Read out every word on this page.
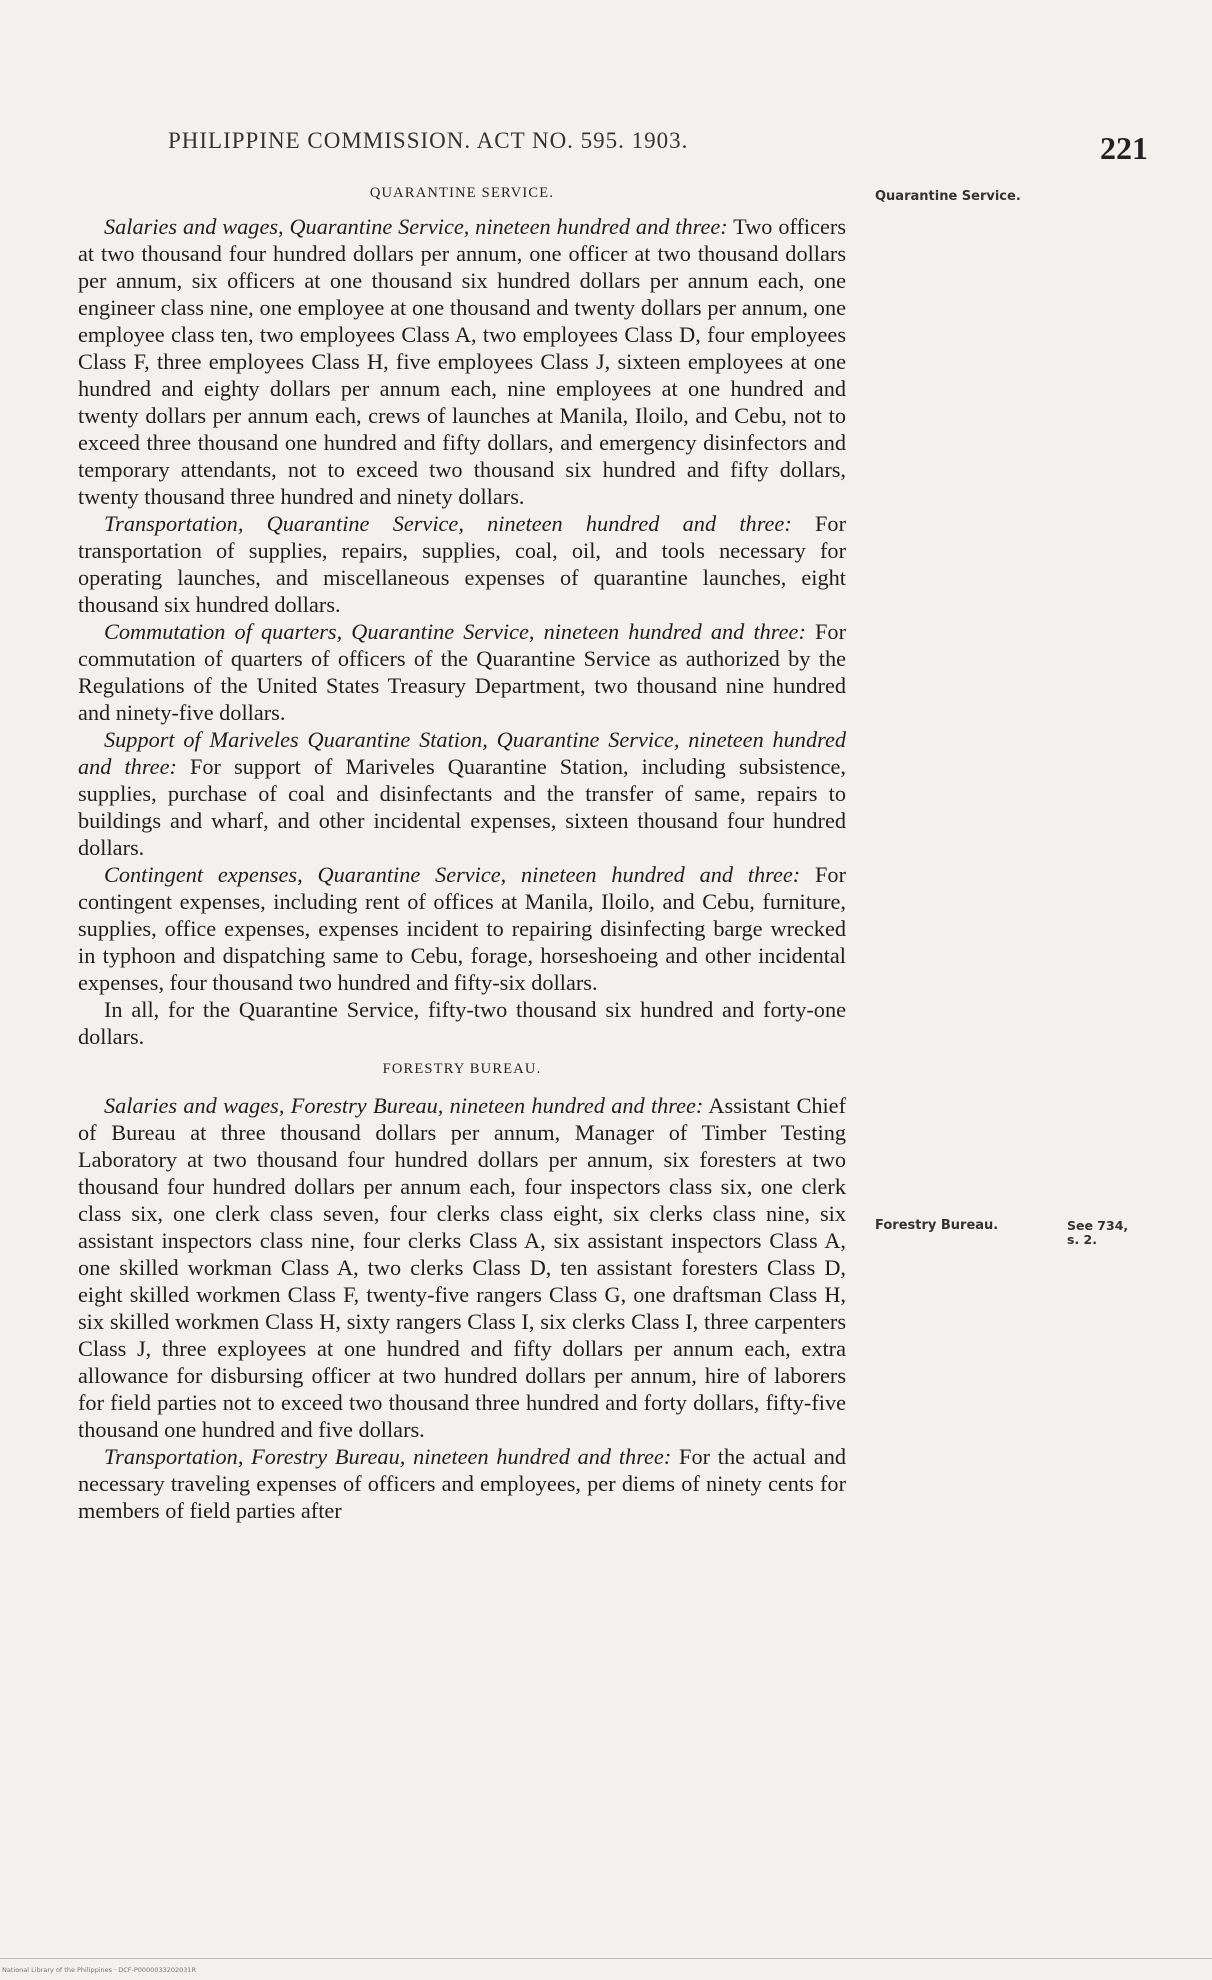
PHILIPPINE COMMISSION. ACT NO. 595. 1903.	221
Quarantine Service.
Forestry Bureau.	See 734,
s. 2.
QUARANTINE SERVICE.

Salaries and wages, Quarantine Service, nineteen hundred and three: Two officers at two thousand four hundred dollars per annum, one officer at two thousand dollars per annum, six officers at one thousand six hundred dollars per annum each, one engineer class nine, one employee at one thousand and twenty dollars per annum, one employee class ten, two employees Class A, two employees Class D, four employees Class F, three employees Class H, five employees Class J, sixteen employees at one hundred and eighty dollars per annum each, nine employees at one hundred and twenty dollars per annum each, crews of launches at Manila, Iloilo, and Cebu, not to exceed three thousand one hundred and fifty dollars, and emergency disinfectors and temporary attendants, not to exceed two thousand six hundred and fifty dollars, twenty thousand three hundred and ninety dollars.

Transportation, Quarantine Service, nineteen hundred and three: For transportation of supplies, repairs, supplies, coal, oil, and tools necessary for operating launches, and miscellaneous expenses of quarantine launches, eight thousand six hundred dollars.

Commutation of quarters, Quarantine Service, nineteen hundred and three: For commutation of quarters of officers of the Quarantine Service as authorized by the Regulations of the United States Treasury Department, two thousand nine hundred and ninety-five dollars.

Support of Mariveles Quarantine Station, Quarantine Service, nineteen hundred and three: For support of Mariveles Quarantine Station, including subsistence, supplies, purchase of coal and disinfectants and the transfer of same, repairs to buildings and wharf, and other incidental expenses, sixteen thousand four hundred dollars.

Contingent expenses, Quarantine Service, nineteen hundred and three: For contingent expenses, including rent of offices at Manila, Iloilo, and Cebu, furniture, supplies, office expenses, expenses incident to repairing disinfecting barge wrecked in typhoon and dispatching same to Cebu, forage, horseshoeing and other incidental expenses, four thousand two hundred and fifty-six dollars.

In all, for the Quarantine Service, fifty-two thousand six hundred and forty-one dollars.

FORESTRY BUREAU.

Salaries and wages, Forestry Bureau, nineteen hundred and three: Assistant Chief of Bureau at three thousand dollars per annum, Manager of Timber Testing Laboratory at two thousand four hundred dollars per annum, six foresters at two thousand four hundred dollars per annum each, four inspectors class six, one clerk class six, one clerk class seven, four clerks class eight, six clerks class nine, six assistant inspectors class nine, four clerks Class A, six assistant inspectors Class A, one skilled workman Class A, two clerks Class D, ten assistant foresters Class D, eight skilled workmen Class F, twenty-five rangers Class G, one draftsman Class H, six skilled workmen Class H, sixty rangers Class I, six clerks Class I, three carpenters Class J, three exployees at one hundred and fifty dollars per annum each, extra allowance for disbursing officer at two hundred dollars per annum, hire of laborers for field parties not to exceed two thousand three hundred and forty dollars, fifty-five thousand one hundred and five dollars.

Transportation, Forestry Bureau, nineteen hundred and three: For the actual and necessary traveling expenses of officers and employees, per diems of ninety cents for members of field parties after

National Library of the Philippines · DCF-P0000033202031R
